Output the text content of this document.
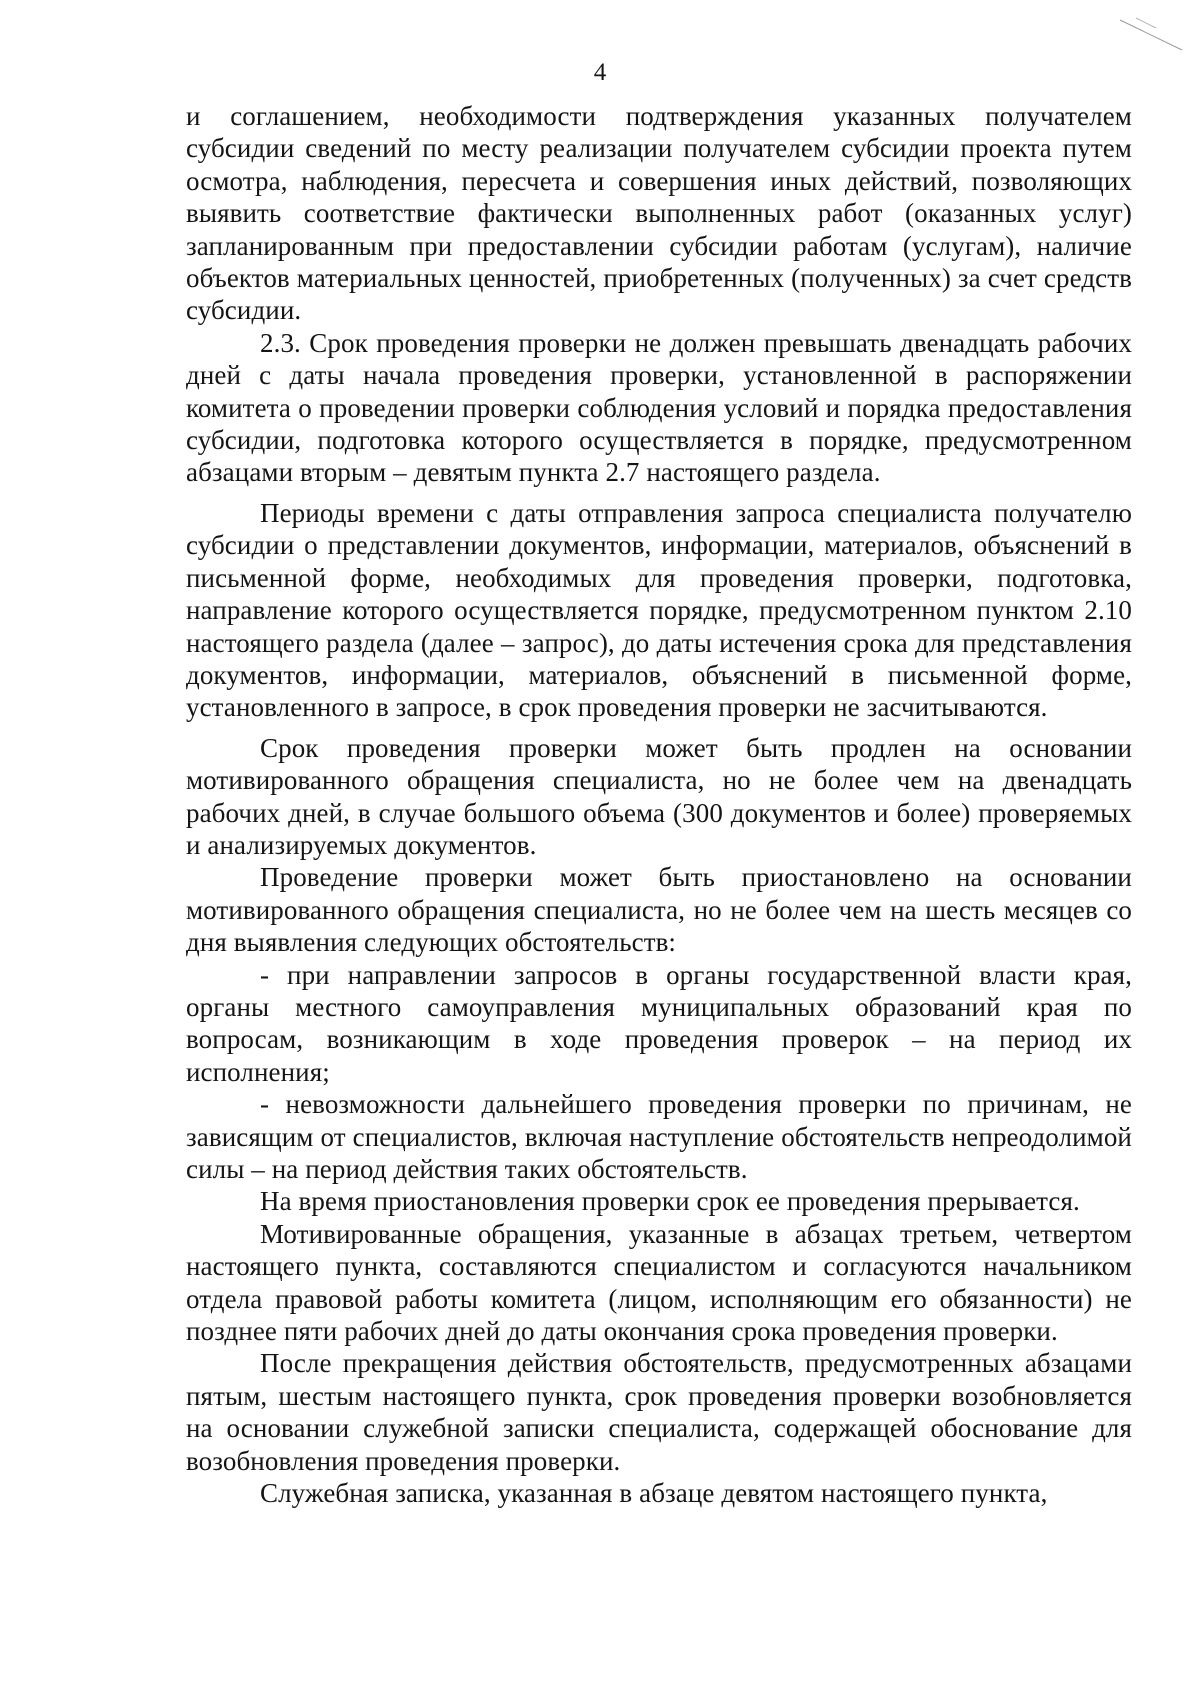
4

и соглашением, необходимости подтверждения указанных получателем субсидии сведений по месту реализации получателем субсидии проекта путем осмотра, наблюдения, пересчета и совершения иных действий, позволяющих выявить соответствие фактически выполненных работ (оказанных услуг) запланированным при предоставлении субсидии работам (услугам), наличие объектов материальных ценностей, приобретенных (полученных) за счет средств субсидии.

2.3. Срок проведения проверки не должен превышать двенадцать рабочих дней с даты начала проведения проверки, установленной в распоряжении комитета о проведении проверки соблюдения условий и порядка предоставления субсидии, подготовка которого осуществляется в порядке, предусмотренном абзацами вторым – девятым пункта 2.7 настоящего раздела.

Периоды времени с даты отправления запроса специалиста получателю субсидии о представлении документов, информации, материалов, объяснений в письменной форме, необходимых для проведения проверки, подготовка, направление которого осуществляется порядке, предусмотренном пунктом 2.10 настоящего раздела (далее – запрос), до даты истечения срока для представления документов, информации, материалов, объяснений в письменной форме, установленного в запросе, в срок проведения проверки не засчитываются.

Срок проведения проверки может быть продлен на основании мотивированного обращения специалиста, но не более чем на двенадцать рабочих дней, в случае большого объема (300 документов и более) проверяемых и анализируемых документов.

Проведение проверки может быть приостановлено на основании мотивированного обращения специалиста, но не более чем на шесть месяцев со дня выявления следующих обстоятельств:

- при направлении запросов в органы государственной власти края, органы местного самоуправления муниципальных образований края по вопросам, возникающим в ходе проведения проверок – на период их исполнения;

- невозможности дальнейшего проведения проверки по причинам, не зависящим от специалистов, включая наступление обстоятельств непреодолимой силы – на период действия таких обстоятельств.

На время приостановления проверки срок ее проведения прерывается.

Мотивированные обращения, указанные в абзацах третьем, четвертом настоящего пункта, составляются специалистом и согласуются начальником отдела правовой работы комитета (лицом, исполняющим его обязанности) не позднее пяти рабочих дней до даты окончания срока проведения проверки.

После прекращения действия обстоятельств, предусмотренных абзацами пятым, шестым настоящего пункта, срок проведения проверки возобновляется на основании служебной записки специалиста, содержащей обоснование для возобновления проведения проверки.

Служебная записка, указанная в абзаце девятом настоящего пункта,
